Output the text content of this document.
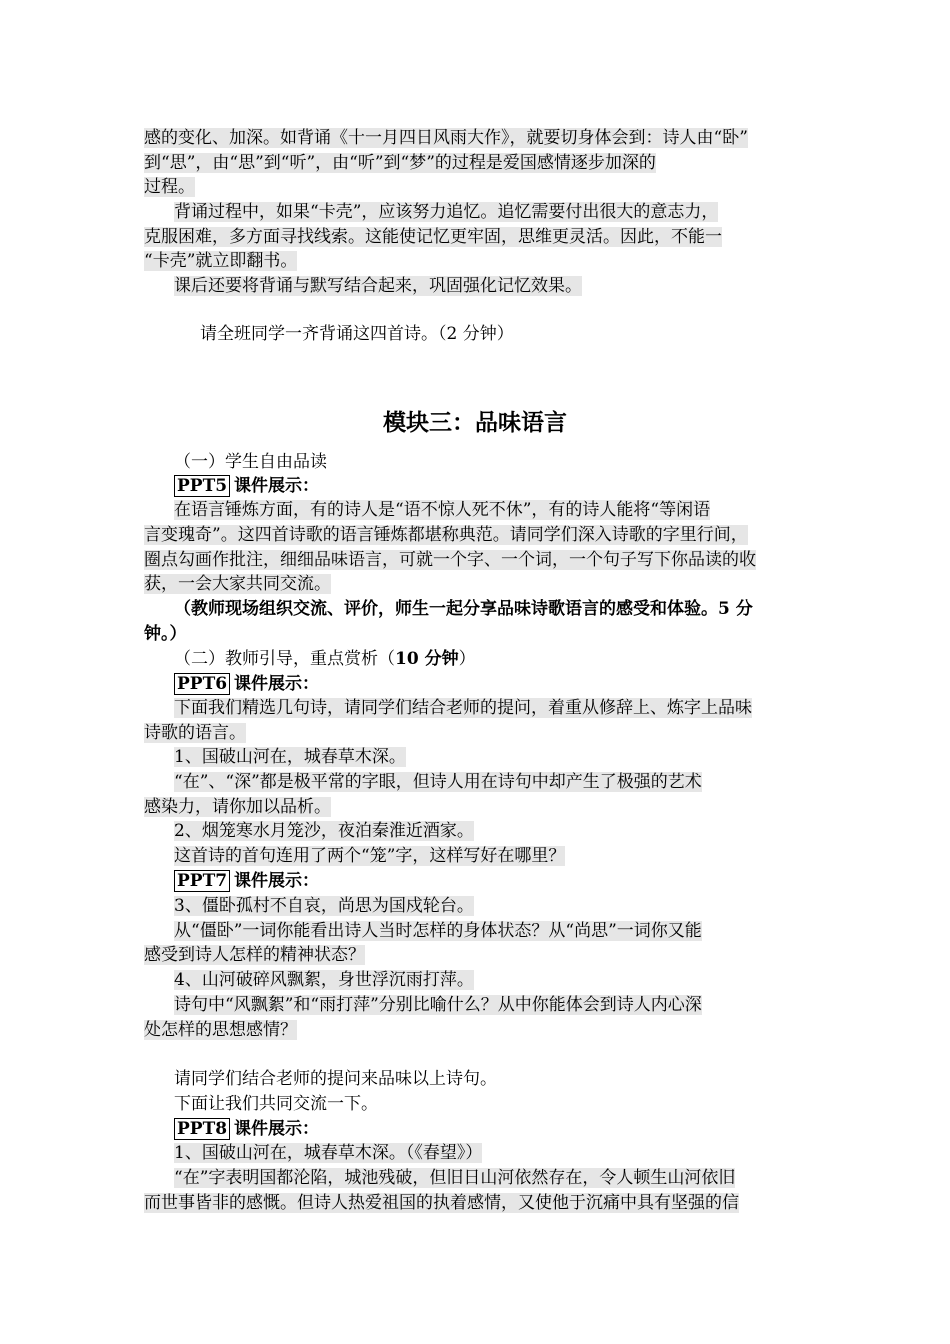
感的变化、加深。如背诵《十一月四日风雨大作》，就要切身体会到：诗人由“卧”
到“思”，由“思”到“听”，由“听”到“梦”的过程是爱国感情逐步加深的
过程。
背诵过程中，如果“卡壳”，应该努力追忆。追忆需要付出很大的意志力，
克服困难，多方面寻找线索。这能使记忆更牢固，思维更灵活。因此，不能一
“卡壳”就立即翻书。
课后还要将背诵与默写结合起来，巩固强化记忆效果。
请全班同学一齐背诵这四首诗。（2 分钟）
模块三：品味语言
（一）学生自由品读
PPT5 课件展示：
在语言锤炼方面，有的诗人是“语不惊人死不休”，有的诗人能将“等闲语
言变瑰奇”。这四首诗歌的语言锤炼都堪称典范。请同学们深入诗歌的字里行间，
圈点勾画作批注，细细品味语言，可就一个字、一个词，一个句子写下你品读的收
获，一会大家共同交流。
（教师现场组织交流、评价，师生一起分享品味诗歌语言的感受和体验。5 分
钟。）
（二）教师引导，重点赏析（10 分钟）
PPT6 课件展示：
下面我们精选几句诗，请同学们结合老师的提问，着重从修辞上、炼字上品味
诗歌的语言。
1、国破山河在，城春草木深。
“在”、“深”都是极平常的字眼，但诗人用在诗句中却产生了极强的艺术
感染力，请你加以品析。
2、烟笼寒水月笼沙，夜泊秦淮近酒家。
这首诗的首句连用了两个“笼”字，这样写好在哪里？
PPT7 课件展示：
3、僵卧孤村不自哀，尚思为国戍轮台。
从“僵卧”一词你能看出诗人当时怎样的身体状态？从“尚思”一词你又能
感受到诗人怎样的精神状态？
4、山河破碎风飘絮，身世浮沉雨打萍。
诗句中“风飘絮”和“雨打萍”分别比喻什么？从中你能体会到诗人内心深
处怎样的思想感情？
请同学们结合老师的提问来品味以上诗句。
下面让我们共同交流一下。
PPT8 课件展示：
1、国破山河在，城春草木深。（《春望》）
“在”字表明国都沦陷，城池残破，但旧日山河依然存在，令人顿生山河依旧
而世事皆非的感慨。但诗人热爱祖国的执着感情，又使他于沉痛中具有坚强的信
